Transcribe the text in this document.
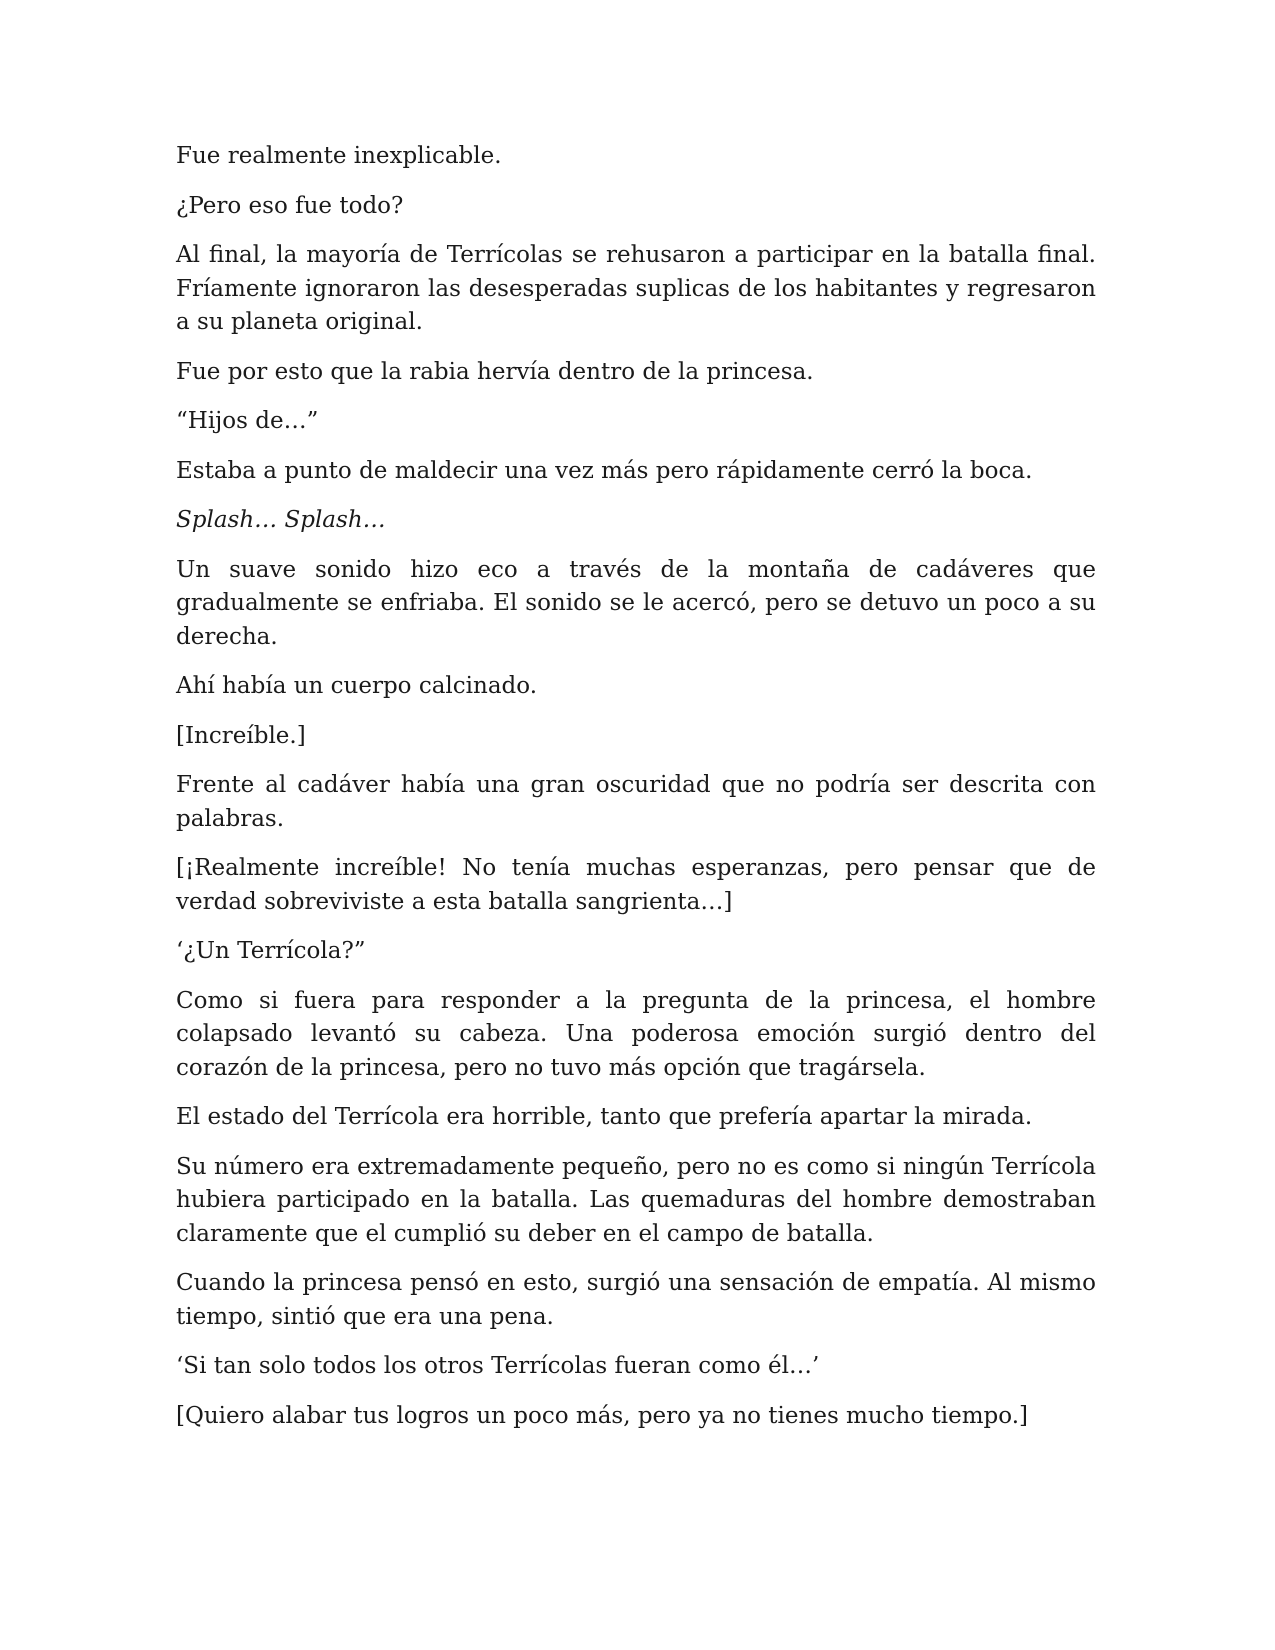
Fue realmente inexplicable.

¿Pero eso fue todo?

Al final, la mayoría de Terrícolas se rehusaron a participar en la batalla final. Fríamente ignoraron las desesperadas suplicas de los habitantes y regresaron a su planeta original.

Fue por esto que la rabia hervía dentro de la princesa.

“Hijos de…”

Estaba a punto de maldecir una vez más pero rápidamente cerró la boca.

Splash… Splash…

Un suave sonido hizo eco a través de la montaña de cadáveres que gradualmente se enfriaba. El sonido se le acercó, pero se detuvo un poco a su derecha.

Ahí había un cuerpo calcinado.

[Increíble.]

Frente al cadáver había una gran oscuridad que no podría ser descrita con palabras.

[¡Realmente increíble! No tenía muchas esperanzas, pero pensar que de verdad sobreviviste a esta batalla sangrienta…]

‘¿Un Terrícola?”

Como si fuera para responder a la pregunta de la princesa, el hombre colapsado levantó su cabeza. Una poderosa emoción surgió dentro del corazón de la princesa, pero no tuvo más opción que tragársela.

El estado del Terrícola era horrible, tanto que prefería apartar la mirada.

Su número era extremadamente pequeño, pero no es como si ningún Terrícola hubiera participado en la batalla. Las quemaduras del hombre demostraban claramente que el cumplió su deber en el campo de batalla.

Cuando la princesa pensó en esto, surgió una sensación de empatía. Al mismo tiempo, sintió que era una pena.

‘Si tan solo todos los otros Terrícolas fueran como él…’

[Quiero alabar tus logros un poco más, pero ya no tienes mucho tiempo.]
